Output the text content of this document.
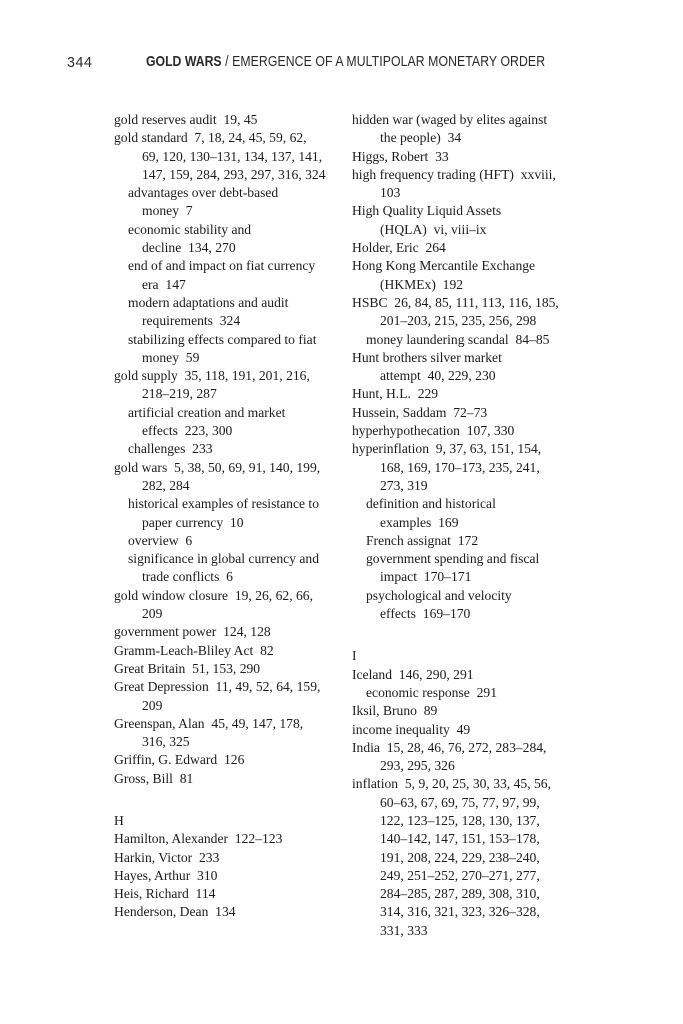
344	GOLD WARS / EMERGENCE OF A MULTIPOLAR MONETARY ORDER
gold reserves audit  19, 45
gold standard  7, 18, 24, 45, 59, 62,
69, 120, 130–131, 134, 137, 141,
147, 159, 284, 293, 297, 316, 324
advantages over debt-based
money  7
economic stability and
decline  134, 270
end of and impact on fiat currency
era  147
modern adaptations and audit
requirements  324
stabilizing effects compared to fiat
money  59
gold supply  35, 118, 191, 201, 216,
218–219, 287
artificial creation and market
effects  223, 300
challenges  233
gold wars  5, 38, 50, 69, 91, 140, 199,
282, 284
historical examples of resistance to
paper currency  10
overview  6
significance in global currency and
trade conflicts  6
gold window closure  19, 26, 62, 66,
209
government power  124, 128
Gramm-Leach-Bliley Act  82
Great Britain  51, 153, 290
Great Depression  11, 49, 52, 64, 159,
209
Greenspan, Alan  45, 49, 147, 178,
316, 325
Griffin, G. Edward  126
Gross, Bill  81
H
Hamilton, Alexander  122–123
Harkin, Victor  233
Hayes, Arthur  310
Heis, Richard  114
Henderson, Dean  134
hidden war (waged by elites against
the people)  34
Higgs, Robert  33
high frequency trading (HFT)  xxviii,
103
High Quality Liquid Assets
(HQLA)  vi, viii–ix
Holder, Eric  264
Hong Kong Mercantile Exchange
(HKMEx)  192
HSBC  26, 84, 85, 111, 113, 116, 185,
201–203, 215, 235, 256, 298
money laundering scandal  84–85
Hunt brothers silver market
attempt  40, 229, 230
Hunt, H.L.  229
Hussein, Saddam  72–73
hyperhypothecation  107, 330
hyperinflation  9, 37, 63, 151, 154,
168, 169, 170–173, 235, 241,
273, 319
definition and historical
examples  169
French assignat  172
government spending and fiscal
impact  170–171
psychological and velocity
effects  169–170
I
Iceland  146, 290, 291
economic response  291
Iksil, Bruno  89
income inequality  49
India  15, 28, 46, 76, 272, 283–284,
293, 295, 326
inflation  5, 9, 20, 25, 30, 33, 45, 56,
60–63, 67, 69, 75, 77, 97, 99,
122, 123–125, 128, 130, 137,
140–142, 147, 151, 153–178,
191, 208, 224, 229, 238–240,
249, 251–252, 270–271, 277,
284–285, 287, 289, 308, 310,
314, 316, 321, 323, 326–328,
331, 333
